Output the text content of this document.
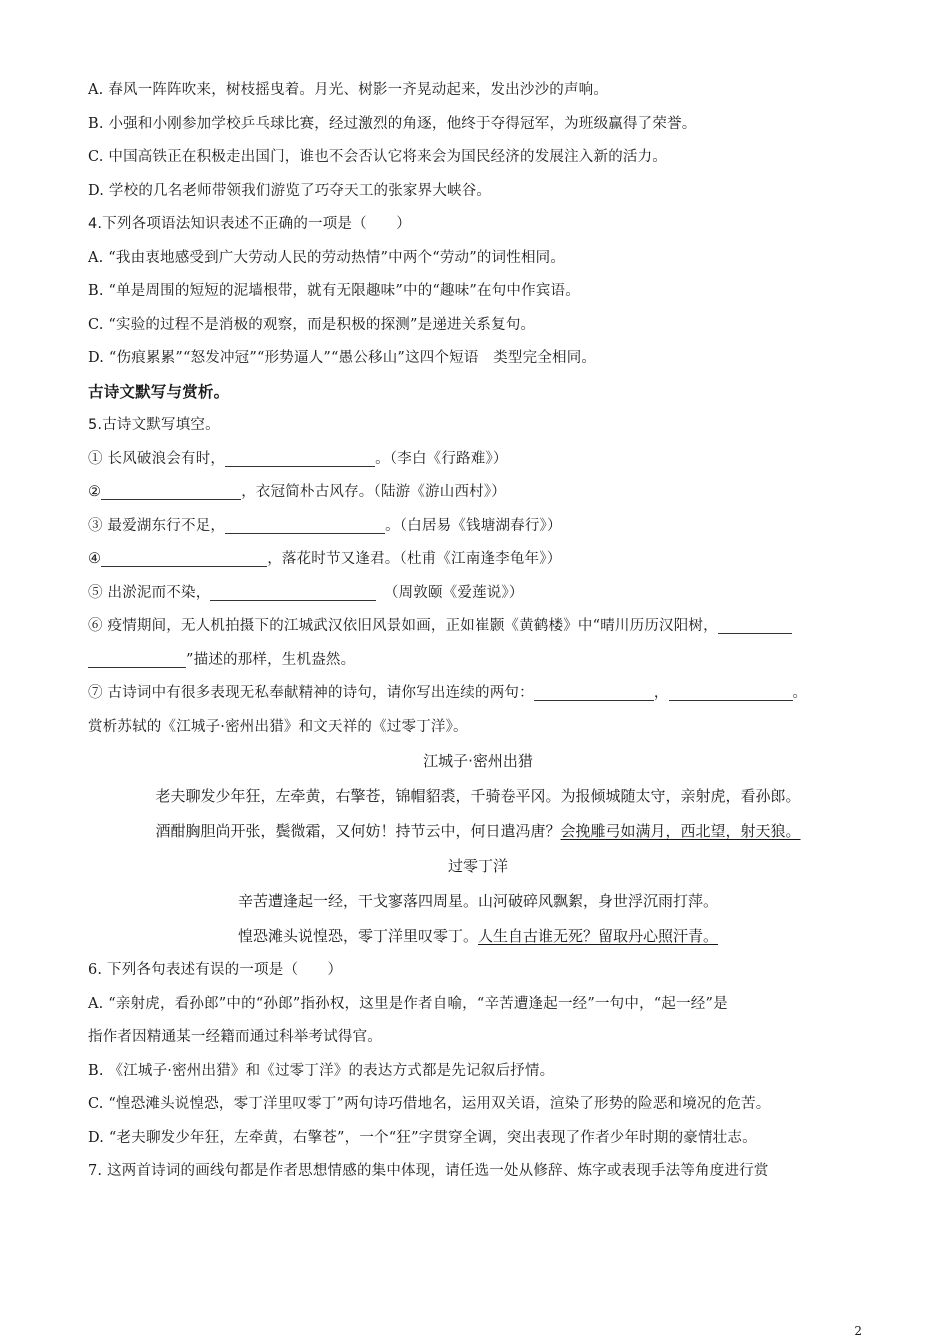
A. 春风一阵阵吹来，树枝摇曳着。月光、树影一齐晃动起来，发出沙沙的声响。
B. 小强和小刚参加学校乒乓球比赛，经过激烈的角逐，他终于夺得冠军，为班级赢得了荣誉。
C. 中国高铁正在积极走出国门，谁也不会否认它将来会为国民经济的发展注入新的活力。
D. 学校的几名老师带领我们游览了巧夺天工的张家界大峡谷。
4.下列各项语法知识表述不正确的一项是（　　）
A. “我由衷地感受到广大劳动人民的劳动热情”中两个“劳动”的词性相同。
B. “单是周围的短短的泥墙根带，就有无限趣味”中的“趣味”在句中作宾语。
C. “实验的过程不是消极的观察，而是积极的探测”是递进关系复句。
D. “伤痕累累”“怒发冲冠”“形势逼人”“愚公移山”这四个短语　类型完全相同。
古诗文默写与赏析。
5.古诗文默写填空。
① 长风破浪会有时，	。（李白《行路难》）
②	，衣冠简朴古风存。（陆游《游山西村》）
③ 最爱湖东行不足，	。（白居易《钱塘湖春行》）
④	，落花时节又逢君。（杜甫《江南逢李龟年》）
⑤ 出淤泥而不染，	　（周敦颐《爱莲说》）
⑥ 疫情期间，无人机拍摄下的江城武汉依旧风景如画，正如崔颢《黄鹤楼》中“晴川历历汉阳树，
”描述的那样，生机盎然。
⑦ 古诗词中有很多表现无私奉献精神的诗句，请你写出连续的两句：	，	。
赏析苏轼的《江城子·密州出猎》和文天祥的《过零丁洋》。
江城子·密州出猎
老夫聊发少年狂，左牵黄，右擎苍，锦帽貂裘，千骑卷平冈。为报倾城随太守，亲射虎，看孙郎。
酒酣胸胆尚开张，鬓微霜，又何妨！持节云中，何日遣冯唐？会挽雕弓如满月，西北望，射天狼。
过零丁洋
辛苦遭逢起一经，干戈寥落四周星。山河破碎风飘絮，身世浮沉雨打萍。
惶恐滩头说惶恐，零丁洋里叹零丁。人生自古谁无死？留取丹心照汗青。
6. 下列各句表述有误的一项是（　　）
A. “亲射虎，看孙郎”中的“孙郎”指孙权，这里是作者自喻，“辛苦遭逢起一经”一句中，“起一经”是
指作者因精通某一经籍而通过科举考试得官。
B. 《江城子·密州出猎》和《过零丁洋》的表达方式都是先记叙后抒情。
C. “惶恐滩头说惶恐，零丁洋里叹零丁”两句诗巧借地名，运用双关语，渲染了形势的险恶和境况的危苦。
D. “老夫聊发少年狂，左牵黄，右擎苍”，一个“狂”字贯穿全调，突出表现了作者少年时期的豪情壮志。
7. 这两首诗词的画线句都是作者思想情感的集中体现，请任选一处从修辞、炼字或表现手法等角度进行赏
2
